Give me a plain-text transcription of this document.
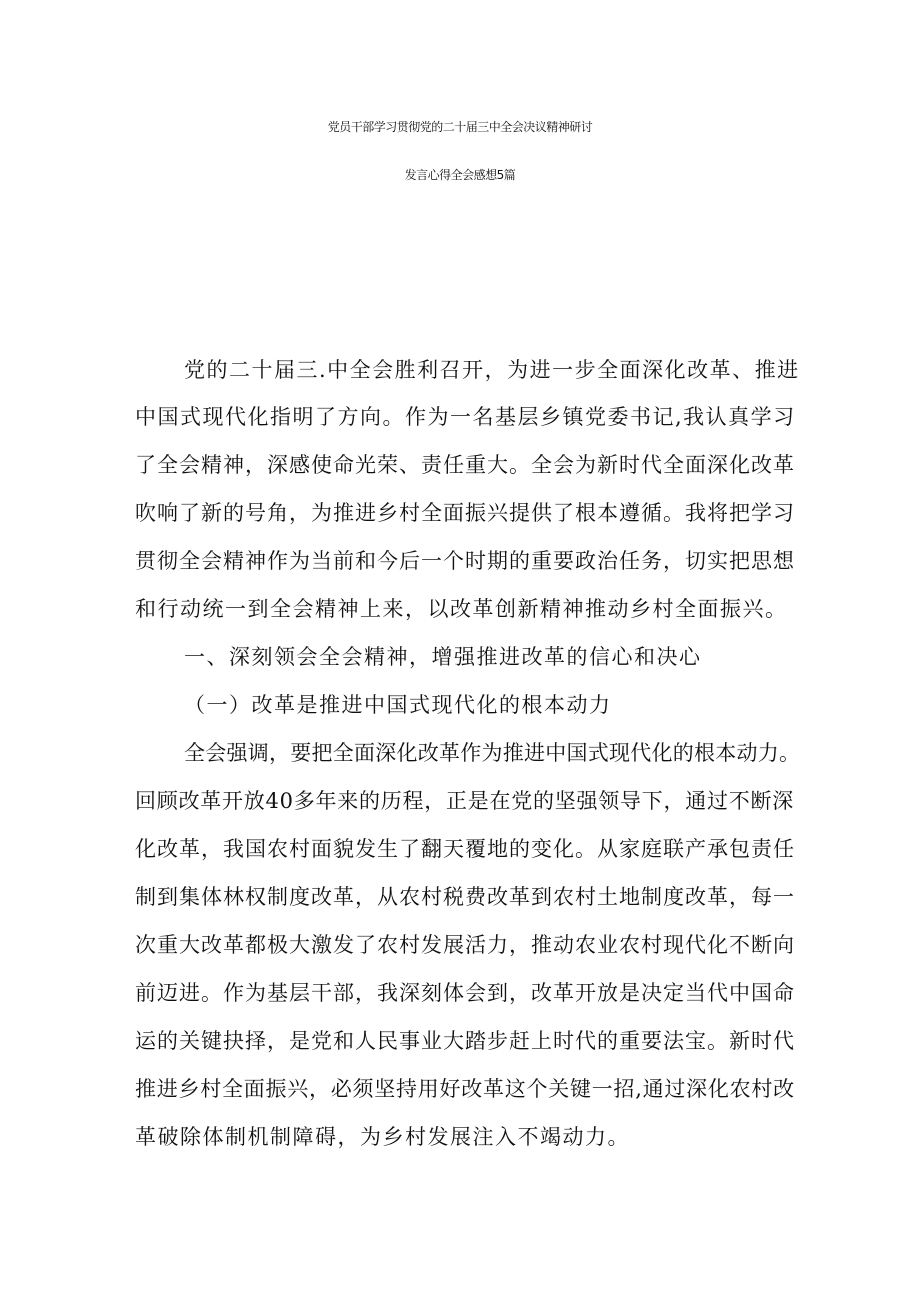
党员干部学习贯彻党的二十届三中全会决议精神研讨
发言心得全会感想5篇

党的二十届三.中全会胜利召开，为进一步全面深化改革、推进

中国式现代化指明了方向。作为一名基层乡镇党委书记,我认真学习

了全会精神，深感使命光荣、责任重大。全会为新时代全面深化改革

吹响了新的号角，为推进乡村全面振兴提供了根本遵循。我将把学习

贯彻全会精神作为当前和今后一个时期的重要政治任务，切实把思想

和行动统一到全会精神上来，以改革创新精神推动乡村全面振兴。

一、深刻领会全会精神，增强推进改革的信心和决心

（一）改革是推进中国式现代化的根本动力

全会强调，要把全面深化改革作为推进中国式现代化的根本动力。

回顾改革开放40多年来的历程，正是在党的坚强领导下，通过不断深

化改革，我国农村面貌发生了翻天覆地的变化。从家庭联产承包责任

制到集体林权制度改革，从农村税费改革到农村土地制度改革，每一

次重大改革都极大激发了农村发展活力，推动农业农村现代化不断向

前迈进。作为基层干部，我深刻体会到，改革开放是决定当代中国命

运的关键抉择，是党和人民事业大踏步赶上时代的重要法宝。新时代

推进乡村全面振兴，必须坚持用好改革这个关键一招,通过深化农村改

革破除体制机制障碍，为乡村发展注入不竭动力。
